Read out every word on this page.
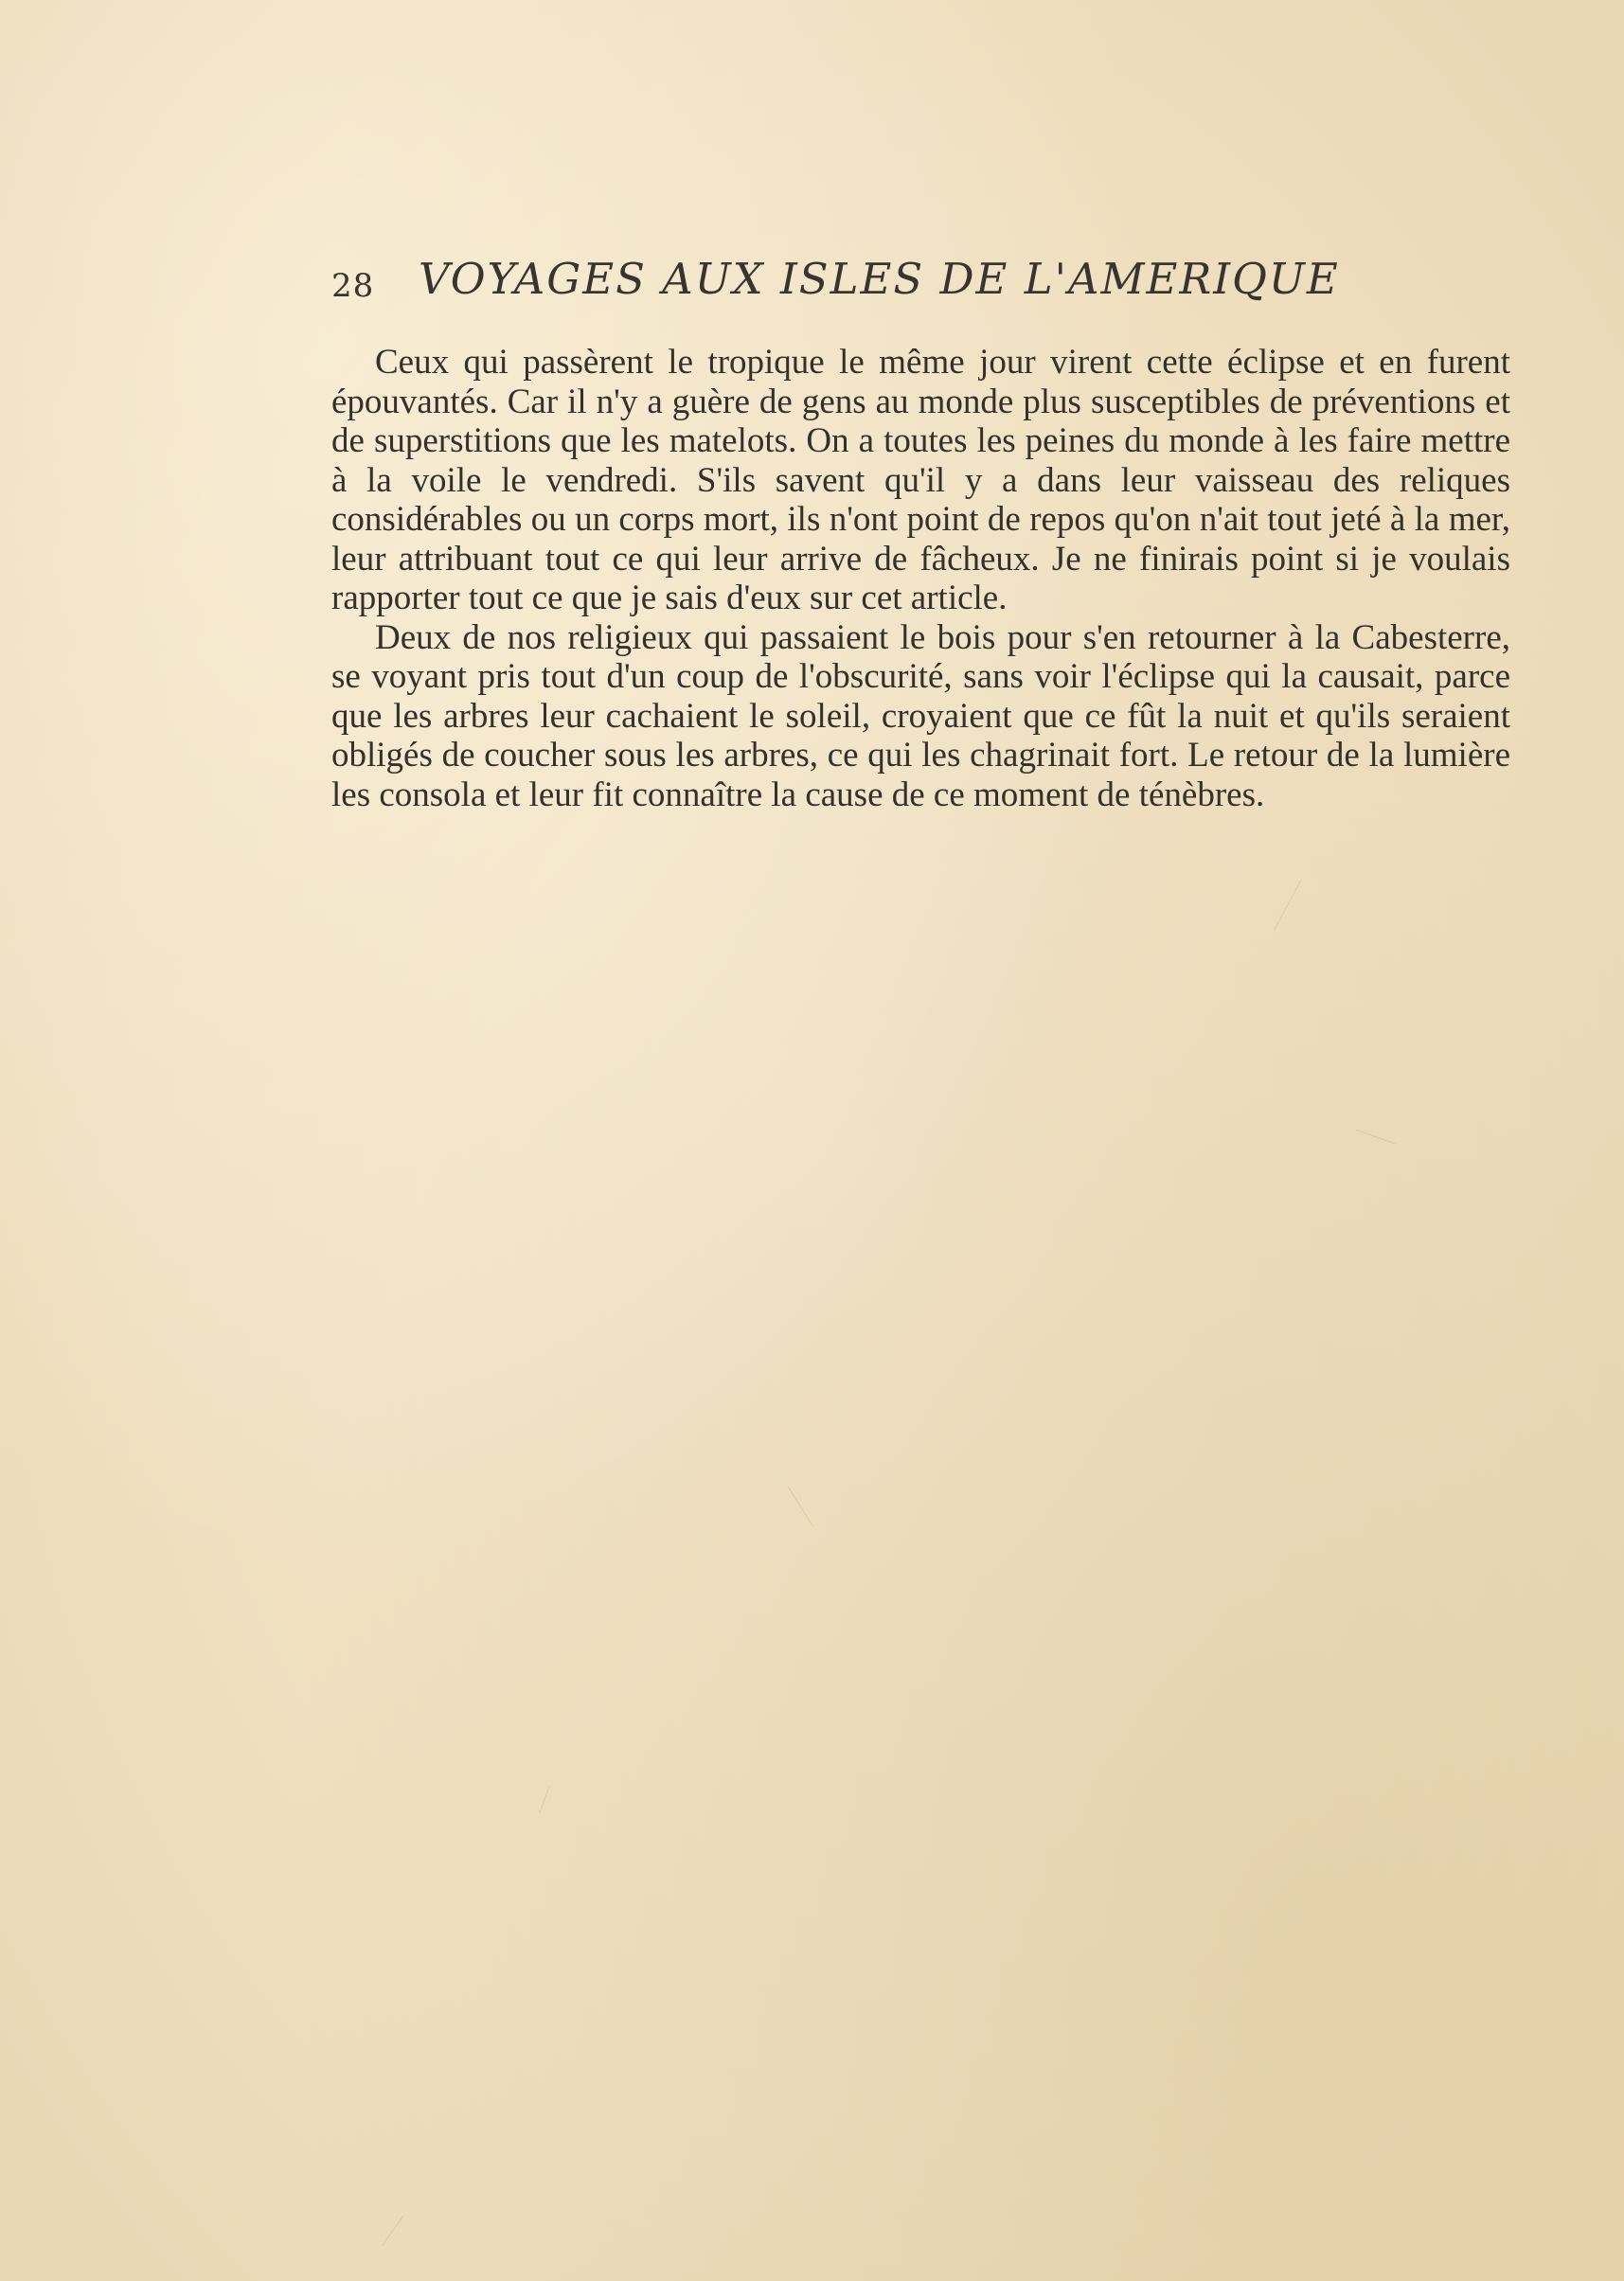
28 VOYAGES AUX ISLES DE L'AMERIQUE

Ceux qui passèrent le tropique le même jour virent cette éclipse et en furent épouvantés. Car il n'y a guère de gens au monde plus susceptibles de préventions et de superstitions que les matelots. On a toutes les peines du monde à les faire mettre à la voile le vendredi. S'ils savent qu'il y a dans leur vaisseau des reliques considérables ou un corps mort, ils n'ont point de repos qu'on n'ait tout jeté à la mer, leur attribuant tout ce qui leur arrive de fâcheux. Je ne finirais point si je voulais rapporter tout ce que je sais d'eux sur cet article.

Deux de nos religieux qui passaient le bois pour s'en retourner à la Cabesterre, se voyant pris tout d'un coup de l'obscurité, sans voir l'éclipse qui la causait, parce que les arbres leur cachaient le soleil, croyaient que ce fût la nuit et qu'ils seraient obligés de coucher sous les arbres, ce qui les chagrinait fort. Le retour de la lumière les consola et leur fit connaître la cause de ce moment de ténèbres.
